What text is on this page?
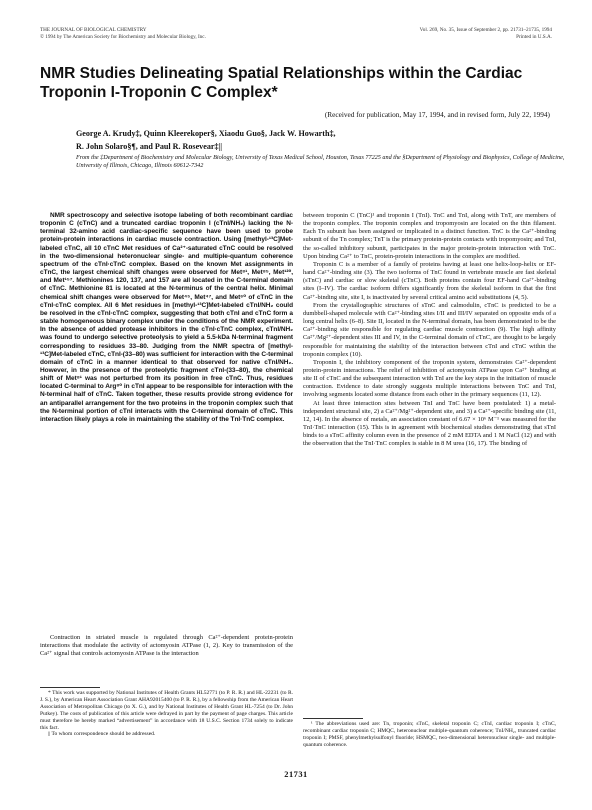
THE JOURNAL OF BIOLOGICAL CHEMISTRY
© 1994 by The American Society for Biochemistry and Molecular Biology, Inc.
Vol. 269, No. 35, Issue of September 2, pp. 21731–21735, 1994
Printed in U.S.A.
NMR Studies Delineating Spatial Relationships within the Cardiac Troponin I-Troponin C Complex*
(Received for publication, May 17, 1994, and in revised form, July 22, 1994)
George A. Krudy‡, Quinn Kleerekoper§, Xiaodu Guo§, Jack W. Howarth‡,
R. John Solaro§¶, and Paul R. Rosevear‡||
From the ‡Department of Biochemistry and Molecular Biology, University of Texas Medical School, Houston, Texas 77225 and the §Department of Physiology and Biophysics, College of Medicine, University of Illinois, Chicago, Illinois 60612-7342

NMR spectroscopy and selective isotope labeling of both recombinant cardiac troponin C (cTnC) and a truncated cardiac troponin I (cTnI/NH₂) lacking the N-terminal 32-amino acid cardiac-specific sequence have been used to probe protein-protein interactions in cardiac muscle contraction. Using [methyl-¹³C]Met-labeled cTnC, all 10 cTnC Met residues of Ca²⁺-saturated cTnC could be resolved in the two-dimensional heteronuclear single- and multiple-quantum coherence spectrum of the cTnI·cTnC complex. Based on the known Met assignments in cTnC, the largest chemical shift changes were observed for Met⁸¹, Met⁸⁵, Met¹²⁰, and Met¹⁵⁷. Methionines 120, 137, and 157 are all located in the C-terminal domain of cTnC. Methionine 81 is located at the N-terminus of the central helix. Minimal chemical shift changes were observed for Met⁴⁵, Met⁴⁷, and Met⁶⁰ of cTnC in the cTnI·cTnC complex. All 6 Met residues in [methyl-¹³C]Met-labeled cTnI/NH₂ could be resolved in the cTnI·cTnC complex, suggesting that both cTnI and cTnC form a stable homogeneous binary complex under the conditions of the NMR experiment. In the absence of added protease inhibitors in the cTnI·cTnC complex, cTnI/NH₂ was found to undergo selective proteolysis to yield a 5.5-kDa N-terminal fragment corresponding to residues 33–80. Judging from the NMR spectra of [methyl-¹³C]Met-labeled cTnC, cTnI-(33–80) was sufficient for interaction with the C-terminal domain of cTnC in a manner identical to that observed for native cTnI/NH₂. However, in the presence of the proteolytic fragment cTnI-(33–80), the chemical shift of Met⁸¹ was not perturbed from its position in free cTnC. Thus, residues located C-terminal to Arg⁸⁰ in cTnI appear to be responsible for interaction with the N-terminal half of cTnC. Taken together, these results provide strong evidence for an antiparallel arrangement for the two proteins in the troponin complex such that the N-terminal portion of cTnI interacts with the C-terminal domain of cTnC. This interaction likely plays a role in maintaining the stability of the TnI·TnC complex.

Contraction in striated muscle is regulated through Ca²⁺-dependent protein-protein interactions that modulate the activity of actomyosin ATPase (1, 2). Key to transmission of the Ca²⁺ signal that controls actomyosin ATPase is the interaction

* This work was supported by National Institutes of Health Grants HL52771 (to P. R. R.) and HL-22231 (to R. J. S.), by American Heart Association Grant AHA92015400 (to P. R. R.), by a fellowship from the American Heart Association of Metropolitan Chicago (to X. G.), and by National Institutes of Health Grant HL-7254 (to Dr. John Putkey). The costs of publication of this article were defrayed in part by the payment of page charges. This article must therefore be hereby marked “advertisement” in accordance with 18 U.S.C. Section 1734 solely to indicate this fact.

|| To whom correspondence should be addressed.

between troponin C (TnC)¹ and troponin I (TnI). TnC and TnI, along with TnT, are members of the troponin complex. The troponin complex and tropomyosin are located on the thin filament. Each Tn subunit has been assigned or implicated in a distinct function. TnC is the Ca²⁺-binding subunit of the Tn complex; TnT is the primary protein-protein contacts with tropomyosin; and TnI, the so-called inhibitory subunit, participates in the major protein-protein interaction with TnC. Upon binding Ca²⁺ to TnC, protein-protein interactions in the complex are modified.

Troponin C is a member of a family of proteins having at least one helix-loop-helix or EF-hand Ca²⁺-binding site (3). The two isoforms of TnC found in vertebrate muscle are fast skeletal (sTnC) and cardiac or slow skeletal (cTnC). Both proteins contain four EF-hand Ca²⁺-binding sites (I–IV). The cardiac isoform differs significantly from the skeletal isoform in that the first Ca²⁺-binding site, site I, is inactivated by several critical amino acid substitutions (4, 5).

From the crystallographic structures of sTnC and calmodulin, cTnC is predicted to be a dumbbell-shaped molecule with Ca²⁺-binding sites I/II and III/IV separated on opposite ends of a long central helix (6–8). Site II, located in the N-terminal domain, has been demonstrated to be the Ca²⁺-binding site responsible for regulating cardiac muscle contraction (9). The high affinity Ca²⁺/Mg²⁺-dependent sites III and IV, in the C-terminal domain of cTnC, are thought to be largely responsible for maintaining the stability of the interaction between cTnI and cTnC within the troponin complex (10).

Troponin I, the inhibitory component of the troponin system, demonstrates Ca²⁺-dependent protein-protein interactions. The relief of inhibition of actomyosin ATPase upon Ca²⁺ binding at site II of cTnC and the subsequent interaction with TnI are the key steps in the initiation of muscle contraction. Evidence to date strongly suggests multiple interactions between TnC and TnI, involving segments located some distance from each other in the primary sequences (11, 12).

At least three interaction sites between TnI and TnC have been postulated: 1) a metal-independent structural site, 2) a Ca²⁺/Mg²⁺-dependent site, and 3) a Ca²⁺-specific binding site (11, 12, 14). In the absence of metals, an association constant of 6.67 × 10⁶ M⁻¹ was measured for the TnI·TnC interaction (15). This is in agreement with biochemical studies demonstrating that sTnI binds to a sTnC affinity column even in the presence of 2 mM EDTA and 1 M NaCl (12) and with the observation that the TnI·TnC complex is stable in 8 M urea (16, 17). The binding of

¹ The abbreviations used are: Tn, troponin; sTnC, skeletal troponin C; cTnI, cardiac troponin I; cTnC, recombinant cardiac troponin C; HMQC, heteronuclear multiple-quantum coherence; TnI/NH₂, truncated cardiac troponin I; PMSF, phenylmethylsulfonyl fluoride; HSMQC, two-dimensional heteronuclear single- and multiple-quantum coherence.

21731
